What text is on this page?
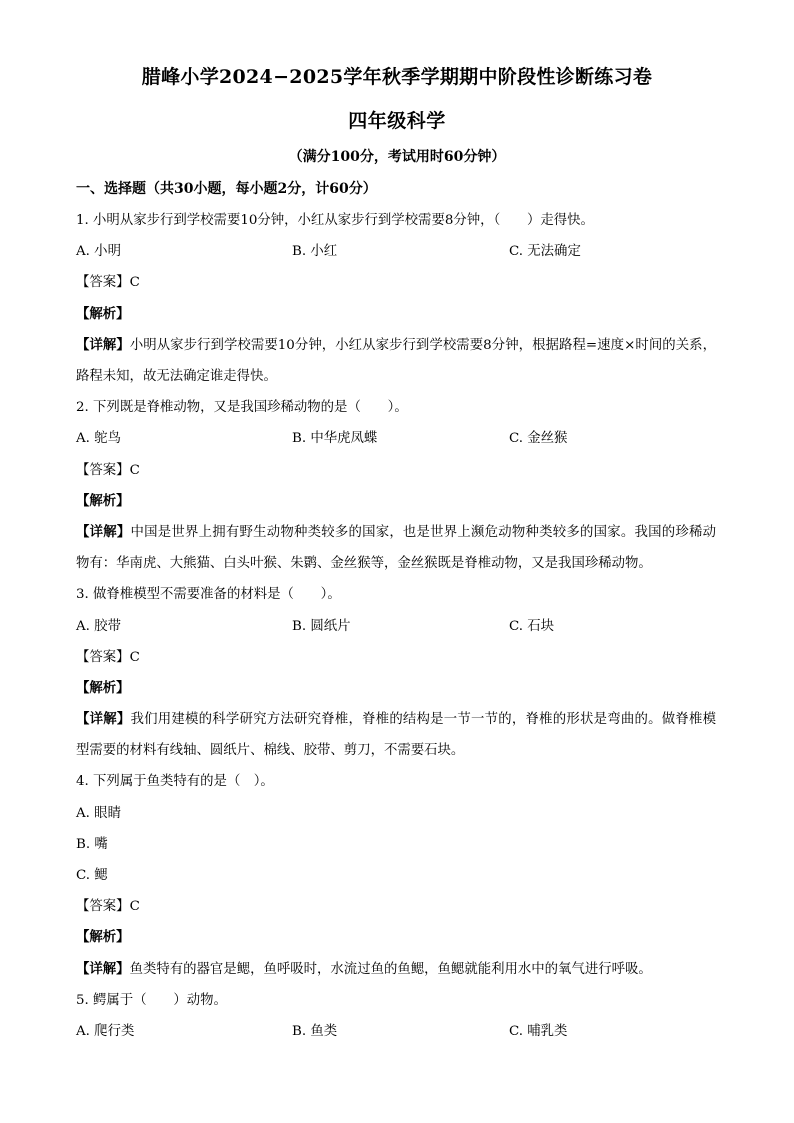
腊峰小学2024−2025学年秋季学期期中阶段性诊断练习卷
四年级科学
（满分100分，考试用时60分钟）
一、选择题（共30小题，每小题2分，计60分）
1. 小明从家步行到学校需要10分钟，小红从家步行到学校需要8分钟，（　　）走得快。
A. 小明	B. 小红	C. 无法确定
【答案】C
【解析】
【详解】小明从家步行到学校需要10分钟，小红从家步行到学校需要8分钟，根据路程=速度×时间的关系，路程未知，故无法确定谁走得快。
2. 下列既是脊椎动物，又是我国珍稀动物的是（　　）。
A. 鸵鸟	B. 中华虎凤蝶	C. 金丝猴
【答案】C
【解析】
【详解】中国是世界上拥有野生动物种类较多的国家，也是世界上濒危动物种类较多的国家。我国的珍稀动物有：华南虎、大熊猫、白头叶猴、朱鹮、金丝猴等，金丝猴既是脊椎动物，又是我国珍稀动物。
3. 做脊椎模型不需要准备的材料是（　　）。
A. 胶带	B. 圆纸片	C. 石块
【答案】C
【解析】
【详解】我们用建模的科学研究方法研究脊椎，脊椎的结构是一节一节的，脊椎的形状是弯曲的。做脊椎模型需要的材料有线轴、圆纸片、棉线、胶带、剪刀，不需要石块。
4. 下列属于鱼类特有的是（　）。
A. 眼睛
B. 嘴
C. 鳃
【答案】C
【解析】
【详解】鱼类特有的器官是鳃，鱼呼吸时，水流过鱼的鱼鳃，鱼鳃就能利用水中的氧气进行呼吸。
5. 鳄属于（　　）动物。
A. 爬行类	B. 鱼类	C. 哺乳类
